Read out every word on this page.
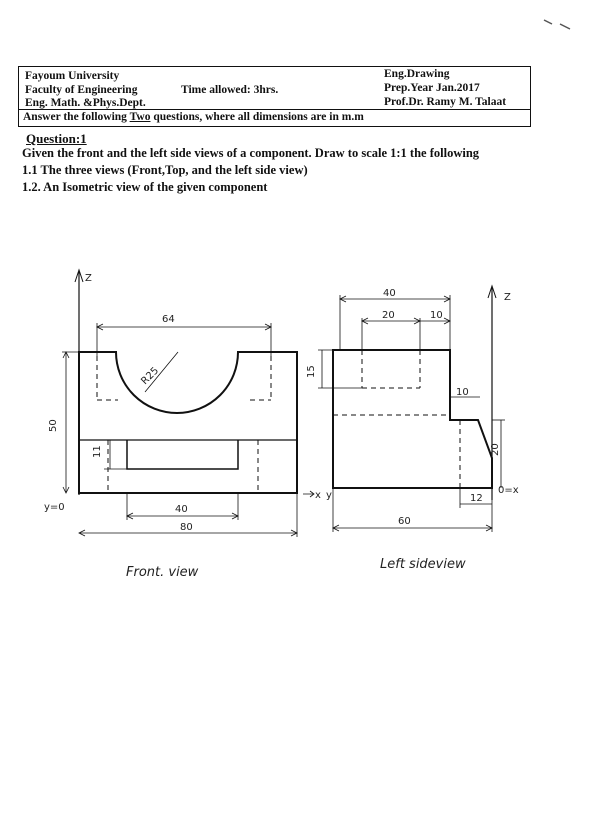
Fayoum University
Faculty of Engineering
Eng. Math. &Phys.Dept.
Time allowed: 3hrs.
Eng.Drawing
Prep.Year Jan.2017
Prof.Dr. Ramy M. Talaat
Answer the following Two questions, where all dimensions are in m.m
Question:1
Given the front and the left side views of a component. Draw to scale 1:1 the following
1.1 The three views (Front,Top, and the left side view)
1.2. An Isometric view of the given component
Z
64
R25
50
11
40
80
y=0
x
Front. view
Z
40
20	10
15
10
20
12
60
y	0=x
Left sideview
